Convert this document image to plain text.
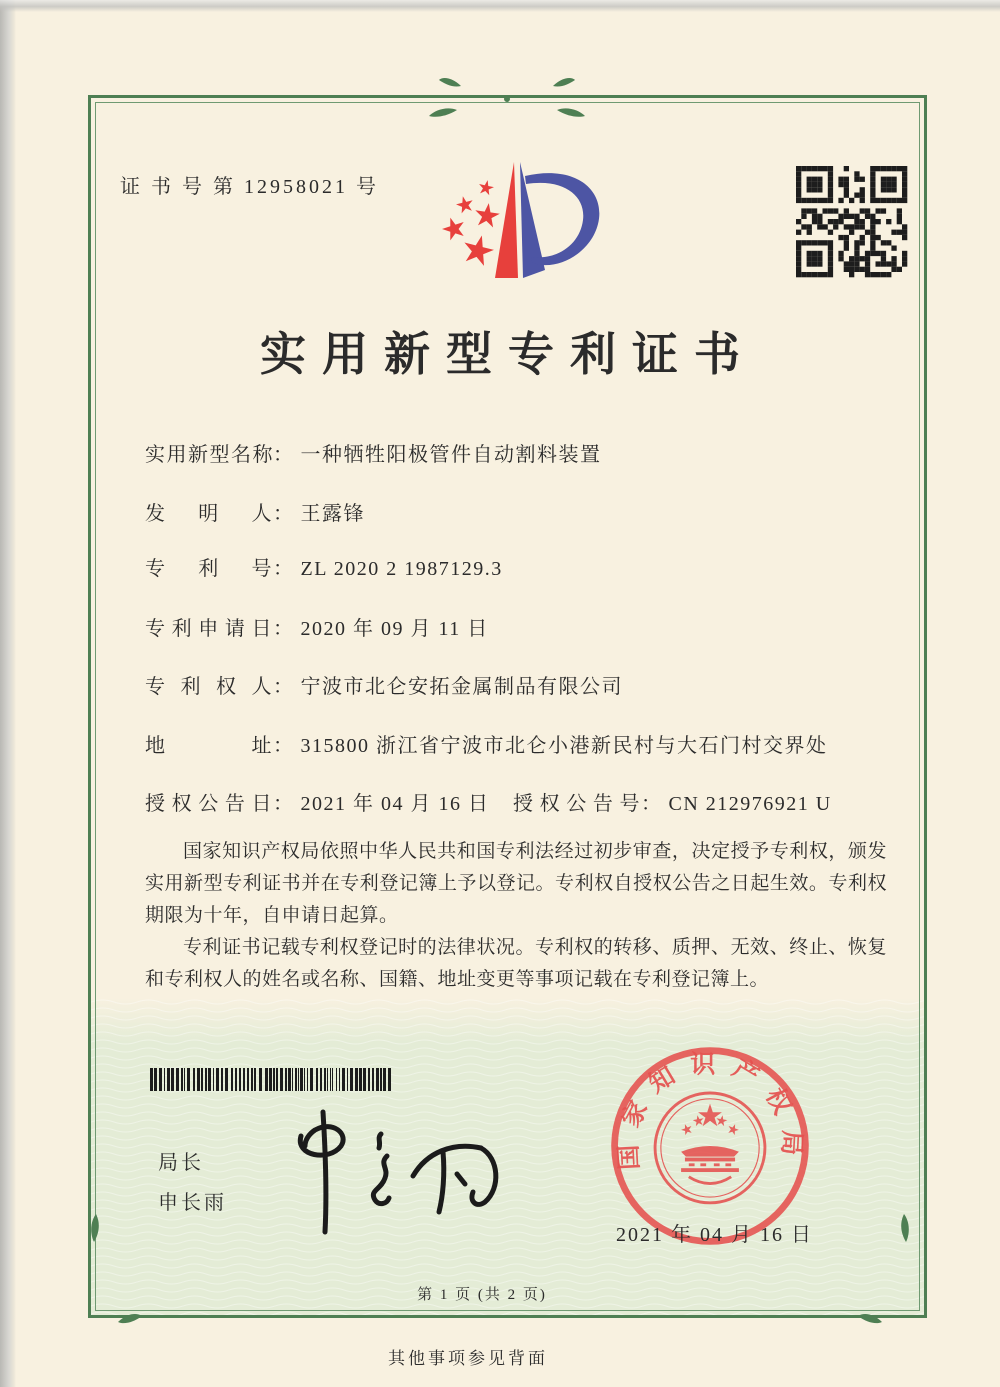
证 书 号 第 12958021 号
实用新型专利证书
实用新型名称： 一种牺牲阳极管件自动割料装置
发明人： 王露锋
专利号： ZL 2020 2 1987129.3
专利申请日： 2020 年 09 月 11 日
专利权人： 宁波市北仑安拓金属制品有限公司
地址： 315800 浙江省宁波市北仑小港新民村与大石门村交界处
授权公告日： 2021 年 04 月 16 日 授权公告号： CN 212976921 U

国家知识产权局依照中华人民共和国专利法经过初步审查，决定授予专利权，颁发实用新型专利证书并在专利登记簿上予以登记。专利权自授权公告之日起生效。专利权期限为十年，自申请日起算。

专利证书记载专利权登记时的法律状况。专利权的转移、质押、无效、终止、恢复和专利权人的姓名或名称、国籍、地址变更等事项记载在专利登记簿上。

局长
申长雨
国家知识产权局
2021 年 04 月 16 日
第 1 页 (共 2 页)
其他事项参见背面
